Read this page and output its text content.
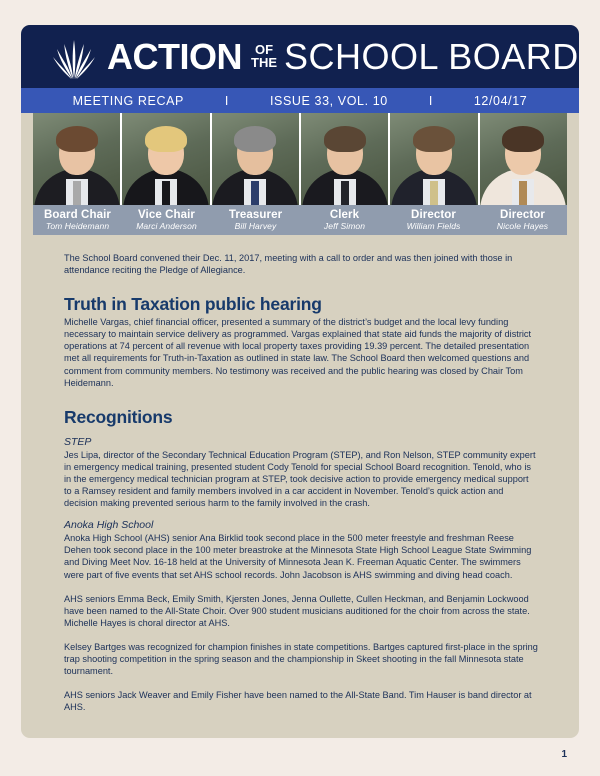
ACTION OF
THE SCHOOL BOARD
MEETING RECAP	I	ISSUE 33, VOL. 10	I	12/04/17
Board Chair
Tom Heidemann
Vice Chair
Marci Anderson
Treasurer
Bill Harvey
Clerk
Jeff Simon
Director
William Fields
Director
Nicole Hayes

The School Board convened their Dec. 11, 2017, meeting with a call to order and was then joined with those in attendance reciting the Pledge of Allegiance.

Truth in Taxation public hearing

Michelle Vargas, chief financial officer, presented a summary of the district’s budget and the local levy funding necessary to maintain service delivery as programmed. Vargas explained that state aid funds the majority of district operations at 74 percent of all revenue with local property taxes providing 19.39 percent. The detailed presentation met all requirements for Truth-in-Taxation as outlined in state law. The School Board then welcomed questions and comment from community members. No testimony was received and the public hearing was closed by Chair Tom Heidemann.

Recognitions
STEP

Jes Lipa, director of the Secondary Technical Education Program (STEP), and Ron Nelson, STEP community expert in emergency medical training, presented student Cody Tenold for special School Board recognition. Tenold, who is in the emergency medical technician program at STEP, took decisive action to provide emergency medical support to a Ramsey resident and family members involved in a car accident in November. Tenold’s quick action and decision making prevented serious harm to the family involved in the crash.

Anoka High School

Anoka High School (AHS) senior Ana Birklid took second place in the 500 meter freestyle and freshman Reese Dehen took second place in the 100 meter breastroke at the Minnesota State High School League State Swimming and Diving Meet Nov. 16-18 held at the University of Minnesota Jean K. Freeman Aquatic Center. The swimmers were part of five events that set AHS school records. John Jacobson is AHS swimming and diving head coach.

AHS seniors Emma Beck, Emily Smith, Kjersten Jones, Jenna Oullette, Cullen Heckman, and Benjamin Lockwood have been named to the All-State Choir. Over 900 student musicians auditioned for the choir from across the state. Michelle Hayes is choral director at AHS.

Kelsey Bartges was recognized for champion finishes in state competitions. Bartges captured first-place in the spring trap shooting competition in the spring season and the championship in Skeet shooting in the fall Minnesota state tournament.

AHS seniors Jack Weaver and Emily Fisher have been named to the All-State Band. Tim Hauser is band director at AHS.

1
